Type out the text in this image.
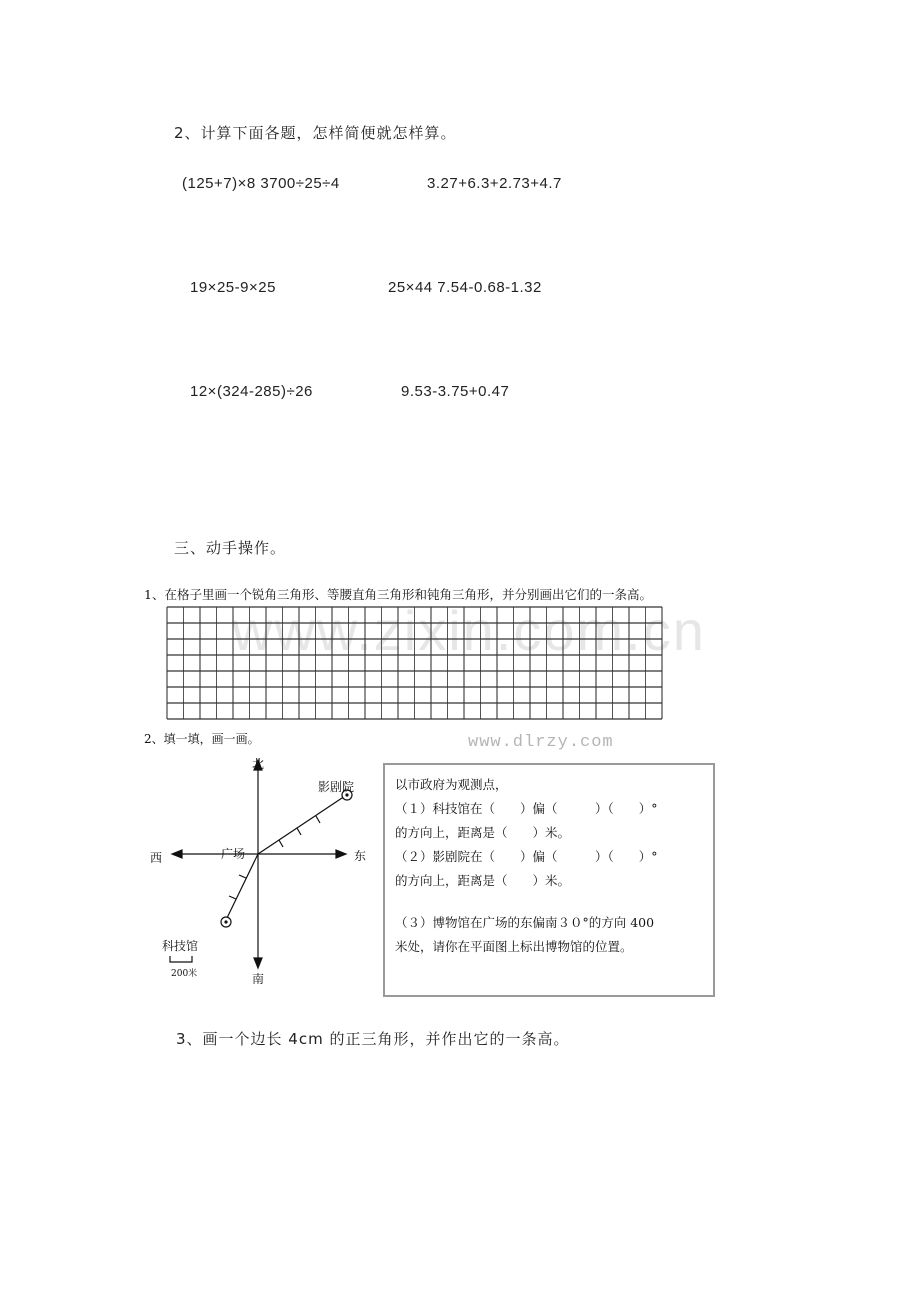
2、计算下面各题，怎样简便就怎样算。
(125+7)×8 3700÷25÷4	3.27+6.3+2.73+4.7
19×25-9×25	25×44 7.54-0.68-1.32
12×(324-285)÷26	9.53-3.75+0.47
三、动手操作。
1、在格子里画一个锐角三角形、等腰直角三角形和钝角三角形，并分别画出它们的一条高。
www.zixin.com.cn
2、填一填，画一画。	www.dlrzy.com
北
南
东
西	广场
影剧院
科技馆
200米
以市政府为观测点，
（１）科技馆在（　　）偏（　　　）（　　）°
的方向上，距离是（　　）米。
（２）影剧院在（　　）偏（　　　）（　　）°
的方向上，距离是（　　）米。
（３）博物馆在广场的东偏南３０°的方向 400
米处，请你在平面图上标出博物馆的位置。
3、画一个边长 4cm 的正三角形，并作出它的一条高。
